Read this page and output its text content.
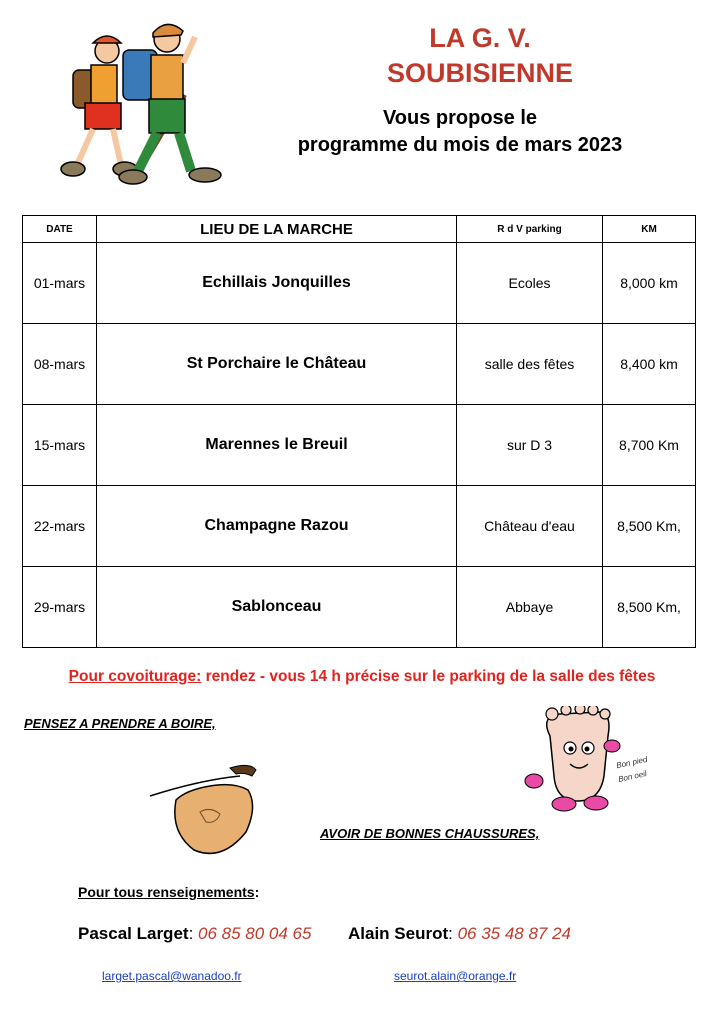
LA G. V.
SOUBISIENNE
Vous propose le
programme du mois de mars 2023
DATE	LIEU DE LA MARCHE	R d V parking	KM
01-mars	Echillais Jonquilles	Ecoles	8,000 km
08-mars	St Porchaire le Château	salle des fêtes	8,400 km
15-mars	Marennes le Breuil	sur D 3	8,700 Km
22-mars	Champagne Razou	Château d'eau	8,500 Km,
29-mars	Sablonceau	Abbaye	8,500 Km,
Pour covoiturage: rendez - vous 14 h précise sur le parking de la salle des fêtes
PENSEZ A PRENDRE A BOIRE,
Bon pied
Bon oeil
AVOIR DE BONNES CHAUSSURES,
Pour tous renseignements:
Pascal Larget: 06 85 80 04 65 Alain Seurot: 06 35 48 87 24
larget.pascal@wanadoo.fr	seurot.alain@orange.fr
